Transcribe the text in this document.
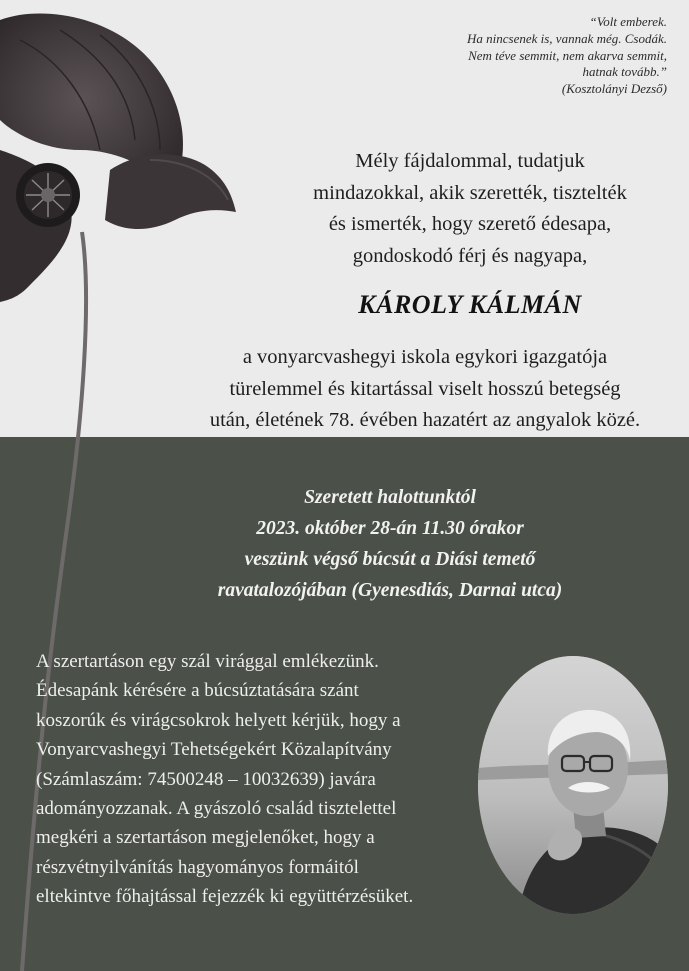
“Volt emberek.
Ha nincsenek is, vannak még. Csodák.
Nem téve semmit, nem akarva semmit,
hatnak tovább.”
(Kosztolányi Dezső)
Mély fájdalommal, tudatjuk
mindazokkal, akik szerették, tisztelték
és ismerték, hogy szerető édesapa,
gondoskodó férj és nagyapa,
KÁROLY KÁLMÁN
a vonyarcvashegyi iskola egykori igazgatója
türelemmel és kitartással viselt hosszú betegség
után, életének 78. évében hazatért az angyalok közé.
Szeretett halottunktól
2023. október 28-án 11.30 órakor
veszünk végső búcsút a Diási temető
ravatalozójában (Gyenesdiás, Darnai utca)
A szertartáson egy szál virággal emlékezünk.
Édesapánk kérésére a búcsúztatására szánt
koszorúk és virágcsokrok helyett kérjük, hogy a
Vonyarcvashegyi Tehetségekért Közalapítvány
(Számlaszám: 74500248 – 10032639) javára
adományozzanak. A gyászoló család tisztelettel
megkéri a szertartáson megjelenőket, hogy a
részvétnyilvánítás hagyományos formáitól
eltekintve főhajtással fejezzék ki együttérzésüket.
